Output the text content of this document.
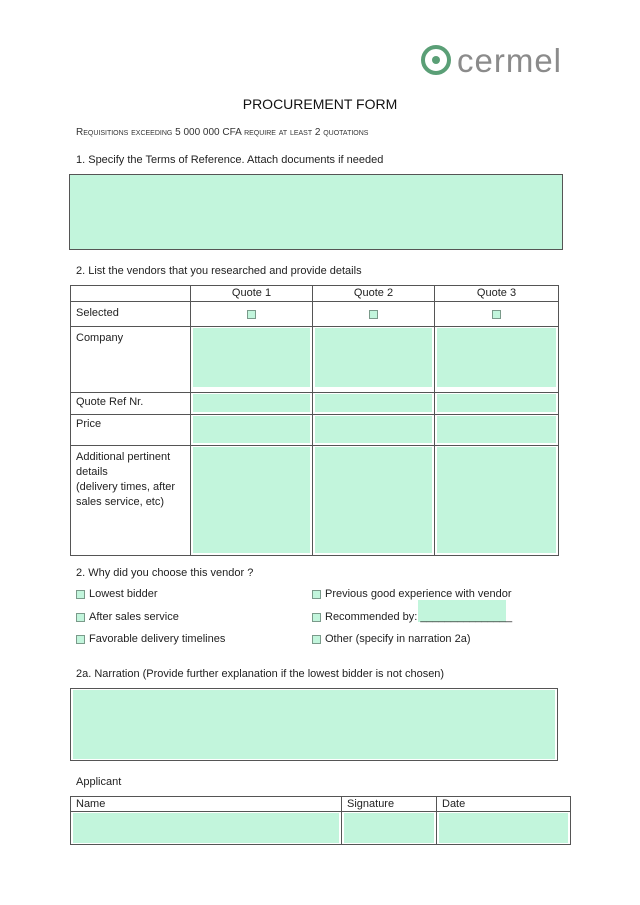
cermel
PROCUREMENT FORM
Requisitions exceeding 5 000 000 CFA require at least 2 quotations
1. Specify the Terms of Reference. Attach documents if needed
2. List the vendors that you researched and provide details
	Quote 1	Quote 2	Quote 3
Selected			
Company	

Quote Ref Nr.	

Price	

Additional pertinent details
(delivery times, after sales service, etc)			

2. Why did you choose this vendor ?
Lowest bidder
After sales service
Favorable delivery timelines
Previous good experience with vendor
Recommended by: _______________
Other (specify in narration 2a)
2a. Narration (Provide further explanation if the lowest bidder is not chosen)
Applicant
Name	Signature	Date
